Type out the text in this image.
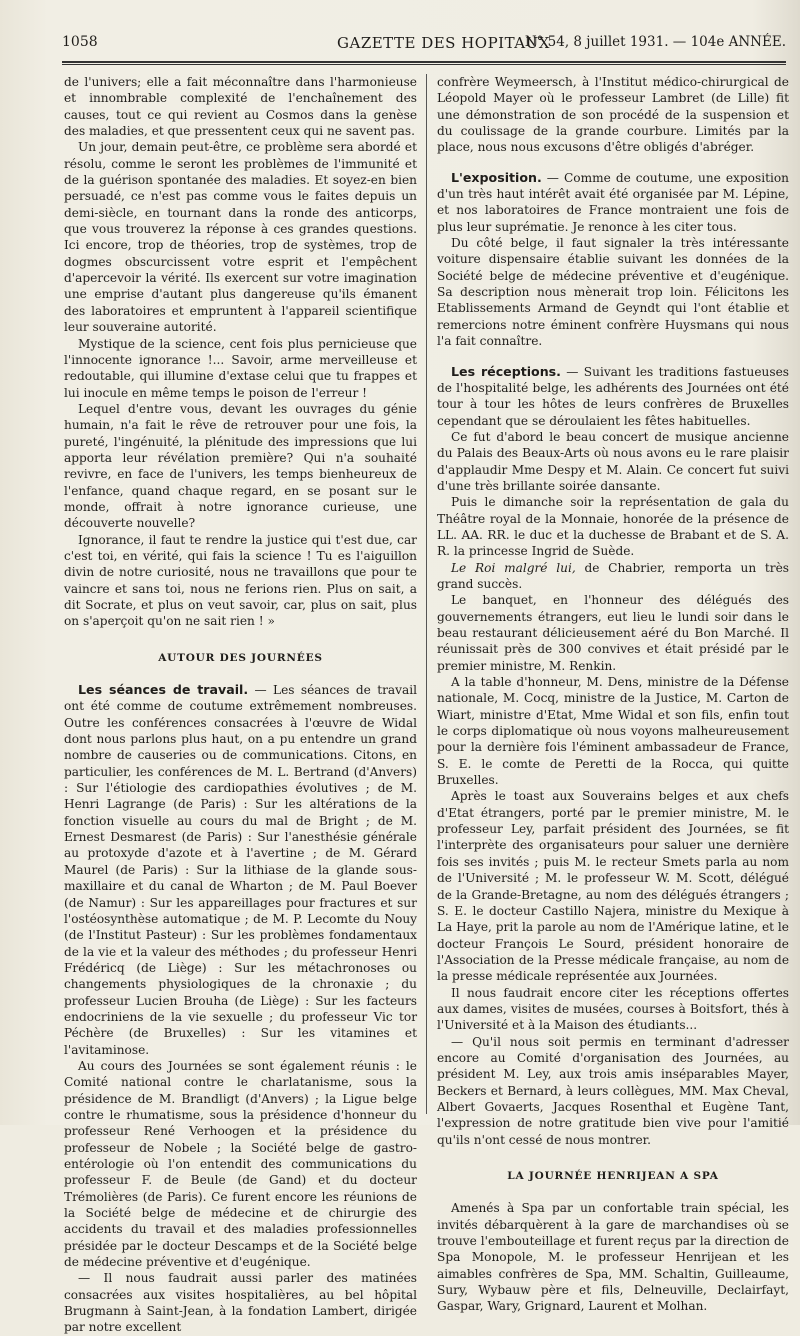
1058	GAZETTE DES HOPITAUX
N° 54, 8 juillet 1931. — 104e ANNÉE.

de l'univers; elle a fait méconnaître dans l'harmonieuse et innombrable complexité de l'enchaînement des causes, tout ce qui revient au Cosmos dans la genèse des maladies, et que pressentent ceux qui ne savent pas.

Un jour, demain peut-être, ce problème sera abordé et résolu, comme le seront les problèmes de l'immunité et de la guérison spontanée des maladies. Et soyez-en bien persuadé, ce n'est pas comme vous le faites depuis un demi-siècle, en tournant dans la ronde des anticorps, que vous trouverez la réponse à ces grandes questions. Ici encore, trop de théories, trop de systèmes, trop de dogmes obscurcissent votre esprit et l'empêchent d'apercevoir la vérité. Ils exercent sur votre imagination une emprise d'autant plus dangereuse qu'ils émanent des laboratoires et empruntent à l'appareil scientifique leur souveraine autorité.

Mystique de la science, cent fois plus pernicieuse que l'innocente ignorance !... Savoir, arme merveilleuse et redoutable, qui illumine d'extase celui que tu frappes et lui inocule en même temps le poison de l'erreur !

Lequel d'entre vous, devant les ouvrages du génie humain, n'a fait le rêve de retrouver pour une fois, la pureté, l'ingénuité, la plénitude des impressions que lui apporta leur révélation première? Qui n'a souhaité revivre, en face de l'univers, les temps bienheureux de l'enfance, quand chaque regard, en se posant sur le monde, offrait à notre ignorance curieuse, une découverte nouvelle?

Ignorance, il faut te rendre la justice qui t'est due, car c'est toi, en vérité, qui fais la science ! Tu es l'aiguillon divin de notre curiosité, nous ne travaillons que pour te vaincre et sans toi, nous ne ferions rien. Plus on sait, a dit Socrate, et plus on veut savoir, car, plus on sait, plus on s'aperçoit qu'on ne sait rien ! »

AUTOUR DES JOURNÉES

Les séances de travail. — Les séances de travail ont été comme de coutume extrêmement nombreuses. Outre les conférences consacrées à l'œuvre de Widal dont nous parlons plus haut, on a pu entendre un grand nombre de causeries ou de communications. Citons, en particulier, les conférences de M. L. Bertrand (d'Anvers) : Sur l'étiologie des cardiopathies évolutives ; de M. Henri Lagrange (de Paris) : Sur les altérations de la fonction visuelle au cours du mal de Bright ; de M. Ernest Desmarest (de Paris) : Sur l'anesthésie générale au protoxyde d'azote et à l'avertine ; de M. Gérard Maurel (de Paris) : Sur la lithiase de la glande sous-maxillaire et du canal de Wharton ; de M. Paul Boever (de Namur) : Sur les appareillages pour fractures et sur l'ostéosynthèse automatique ; de M. P. Lecomte du Nouy (de l'Institut Pasteur) : Sur les problèmes fondamentaux de la vie et la valeur des méthodes ; du professeur Henri Frédéricq (de Liège) : Sur les métachronoses ou changements physiologiques de la chronaxie ; du professeur Lucien Brouha (de Liège) : Sur les facteurs endocriniens de la vie sexuelle ; du professeur Vic tor Péchère (de Bruxelles) : Sur les vitamines et l'avitaminose.

Au cours des Journées se sont également réunis : le Comité national contre le charlatanisme, sous la présidence de M. Brandligt (d'Anvers) ; la Ligue belge contre le rhumatisme, sous la présidence d'honneur du professeur René Verhoogen et la présidence du professeur de Nobele ; la Société belge de gastro-entérologie où l'on entendit des communications du professeur F. de Beule (de Gand) et du docteur Trémolières (de Paris). Ce furent encore les réunions de la Société belge de médecine et de chirurgie des accidents du travail et des maladies professionnelles présidée par le docteur Descamps et de la Société belge de médecine préventive et d'eugénique.

— Il nous faudrait aussi parler des matinées consacrées aux visites hospitalières, au bel hôpital Brugmann à Saint-Jean, à la fondation Lambert, dirigée par notre excellent

confrère Weymeersch, à l'Institut médico-chirurgical de Léopold Mayer où le professeur Lambret (de Lille) fit une démonstration de son procédé de la suspension et du coulissage de la grande courbure. Limités par la place, nous nous excusons d'être obligés d'abréger.

L'exposition. — Comme de coutume, une exposition d'un très haut intérêt avait été organisée par M. Lépine, et nos laboratoires de France montraient une fois de plus leur suprématie. Je renonce à les citer tous.

Du côté belge, il faut signaler la très intéressante voiture dispensaire établie suivant les données de la Société belge de médecine préventive et d'eugénique. Sa description nous mènerait trop loin. Félicitons les Etablissements Armand de Geyndt qui l'ont établie et remercions notre éminent confrère Huysmans qui nous l'a fait connaître.

Les réceptions. — Suivant les traditions fastueuses de l'hospitalité belge, les adhérents des Journées ont été tour à tour les hôtes de leurs confrères de Bruxelles cependant que se déroulaient les fêtes habituelles.

Ce fut d'abord le beau concert de musique ancienne du Palais des Beaux-Arts où nous avons eu le rare plaisir d'applaudir Mme Despy et M. Alain. Ce concert fut suivi d'une très brillante soirée dansante.

Puis le dimanche soir la représentation de gala du Théâtre royal de la Monnaie, honorée de la présence de LL. AA. RR. le duc et la duchesse de Brabant et de S. A. R. la princesse Ingrid de Suède.

Le Roi malgré lui, de Chabrier, remporta un très grand succès.

Le banquet, en l'honneur des délégués des gouvernements étrangers, eut lieu le lundi soir dans le beau restaurant délicieusement aéré du Bon Marché. Il réunissait près de 300 convives et était présidé par le premier ministre, M. Renkin.

A la table d'honneur, M. Dens, ministre de la Défense nationale, M. Cocq, ministre de la Justice, M. Carton de Wiart, ministre d'Etat, Mme Widal et son fils, enfin tout le corps diplomatique où nous voyons malheureusement pour la dernière fois l'éminent ambassadeur de France, S. E. le comte de Peretti de la Rocca, qui quitte Bruxelles.

Après le toast aux Souverains belges et aux chefs d'Etat étrangers, porté par le premier ministre, M. le professeur Ley, parfait président des Journées, se fit l'interprète des organisateurs pour saluer une dernière fois ses invités ; puis M. le recteur Smets parla au nom de l'Université ; M. le professeur W. M. Scott, délégué de la Grande-Bretagne, au nom des délégués étrangers ; S. E. le docteur Castillo Najera, ministre du Mexique à La Haye, prit la parole au nom de l'Amérique latine, et le docteur François Le Sourd, président honoraire de l'Association de la Presse médicale française, au nom de la presse médicale représentée aux Journées.

Il nous faudrait encore citer les réceptions offertes aux dames, visites de musées, courses à Boitsfort, thés à l'Université et à la Maison des étudiants...

— Qu'il nous soit permis en terminant d'adresser encore au Comité d'organisation des Journées, au président M. Ley, aux trois amis inséparables Mayer, Beckers et Bernard, à leurs collègues, MM. Max Cheval, Albert Govaerts, Jacques Rosenthal et Eugène Tant, l'expression de notre gratitude bien vive pour l'amitié qu'ils n'ont cessé de nous montrer.

LA JOURNÉE HENRIJEAN A SPA

Amenés à Spa par un confortable train spécial, les invités débarquèrent à la gare de marchandises où se trouve l'embouteillage et furent reçus par la direction de Spa Monopole, M. le professeur Henrijean et les aimables confrères de Spa, MM. Schaltin, Guilleaume, Sury, Wybauw père et fils, Delneuville, Declairfayt, Gaspar, Wary, Grignard, Laurent et Molhan.
